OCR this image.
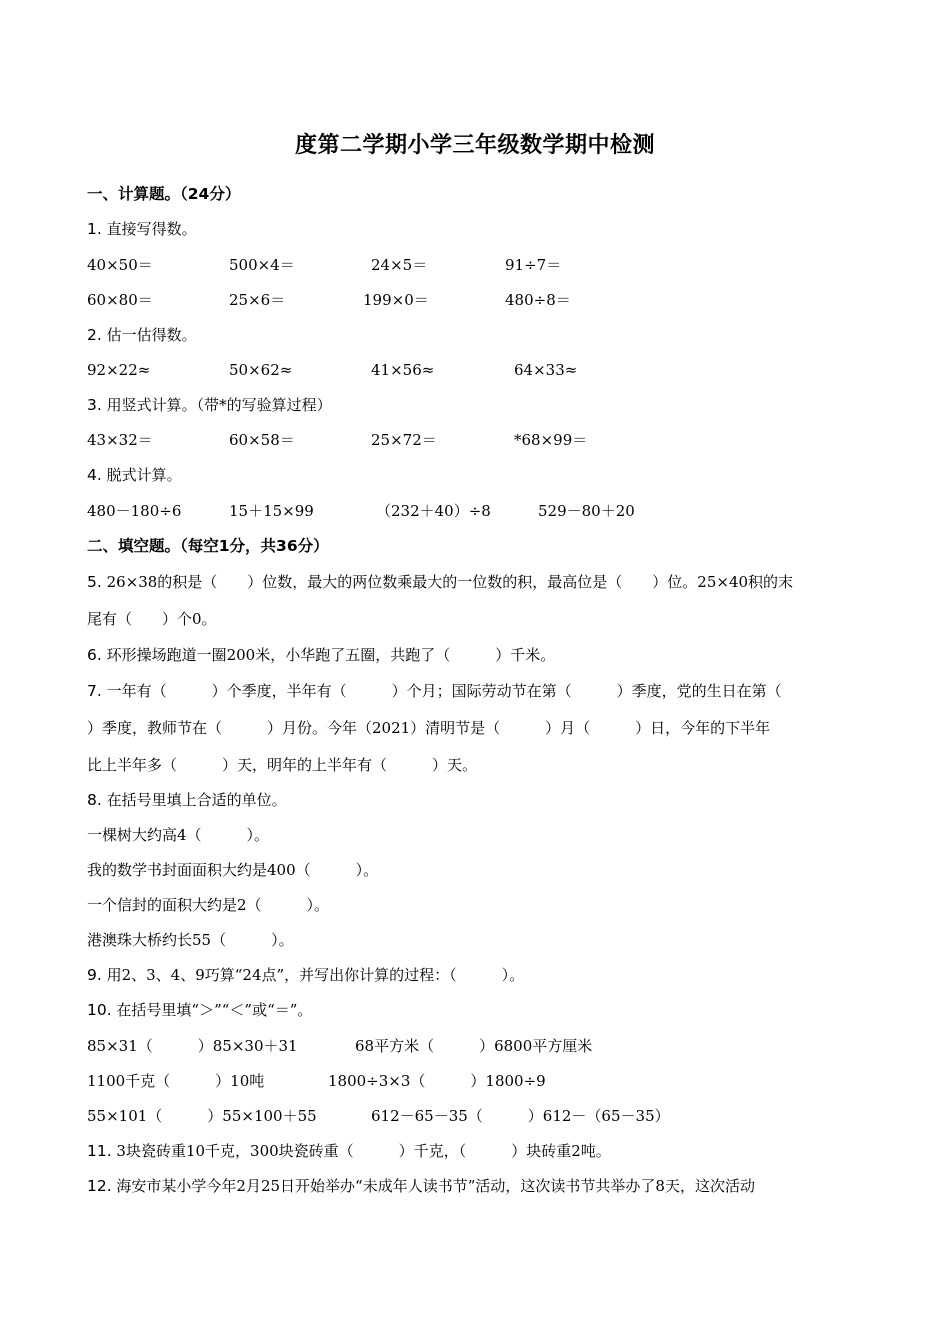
度第二学期小学三年级数学期中检测
一、计算题。（24分）
1. 直接写得数。
40×50＝	500×4＝	24×5＝	91÷7＝
60×80＝	25×6＝	199×0＝	480÷8＝
2. 估一估得数。
92×22≈	50×62≈	41×56≈	64×33≈
3. 用竖式计算。（带*的写验算过程）
43×32＝	60×58＝	25×72＝	*68×99＝
4. 脱式计算。
480－180÷6	15＋15×99	（232＋40）÷8	529－80＋20
二、填空题。（每空1分，共36分）
5. 26×38的积是（　　）位数，最大的两位数乘最大的一位数的积，最高位是（　　）位。25×40积的末
尾有（　　）个0。
6. 环形操场跑道一圈200米，小华跑了五圈，共跑了（　　　）千米。
7. 一年有（　　　）个季度，半年有（　　　）个月；国际劳动节在第（　　　）季度，党的生日在第（
）季度，教师节在（　　　）月份。今年（2021）清明节是（　　　）月（　　　）日，今年的下半年
比上半年多（　　　）天，明年的上半年有（　　　）天。
8. 在括号里填上合适的单位。
一棵树大约高4（　　　）。
我的数学书封面面积大约是400（　　　）。
一个信封的面积大约是2（　　　）。
港澳珠大桥约长55（　　　）。
9. 用2、3、4、9巧算“24点”，并写出你计算的过程：（　　　）。
10. 在括号里填“＞”“＜”或“＝”。
85×31（　　　）85×30＋31	68平方米（　　　）6800平方厘米
1100千克（　　　）10吨	1800÷3×3（　　　）1800÷9
55×101（　　　）55×100＋55	612－65－35（　　　）612－（65－35）
11. 3块瓷砖重10千克，300块瓷砖重（　　　）千克，（　　　）块砖重2吨。
12. 海安市某小学今年2月25日开始举办“未成年人读书节”活动，这次读书节共举办了8天，这次活动
